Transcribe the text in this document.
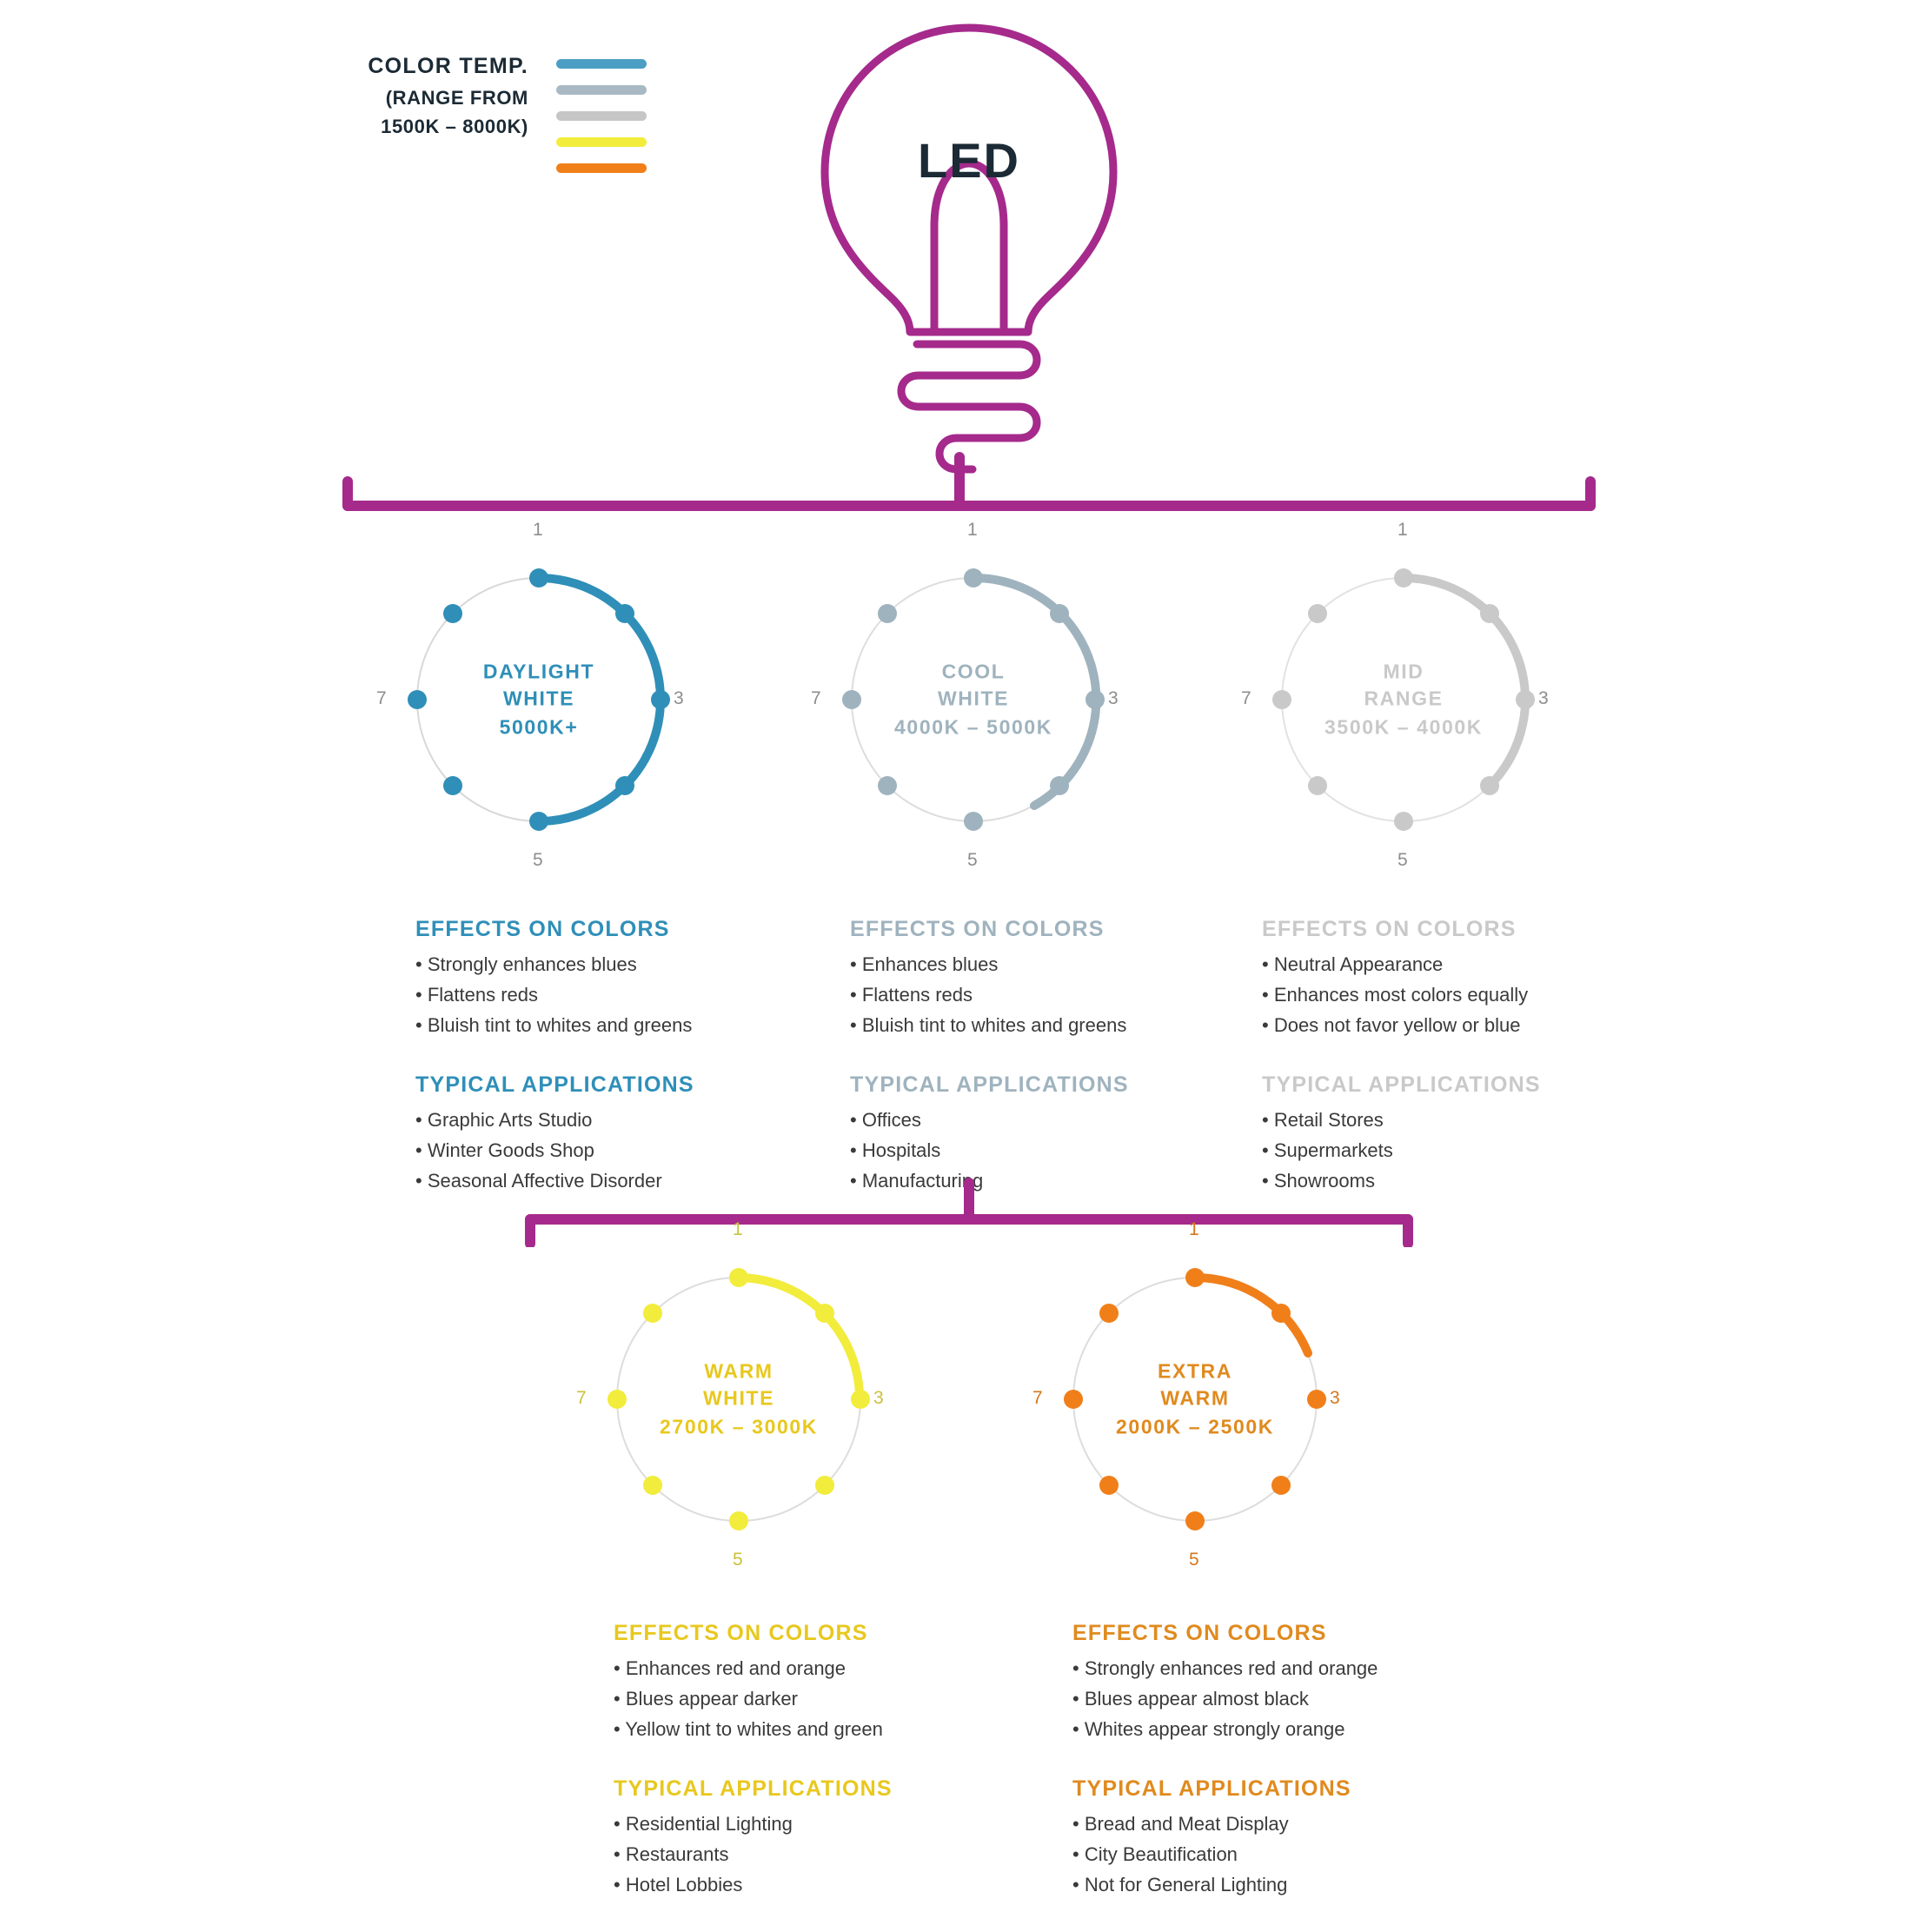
COLOR TEMP.
(RANGE FROM
1500K – 8000K)

LED
1
3
5
7
DAYLIGHT
WHITE
5000K+
1
3
5
7
COOL
WHITE
4000K – 5000K
1
3
5
7
MID
RANGE
3500K – 4000K
EFFECTS ON COLORS
• Strongly enhances blues
• Flattens reds
• Bluish tint to whites and greens
TYPICAL APPLICATIONS
• Graphic Arts Studio
• Winter Goods Shop
• Seasonal Affective Disorder
EFFECTS ON COLORS
• Enhances blues
• Flattens reds
• Bluish tint to whites and greens
TYPICAL APPLICATIONS
• Offices
• Hospitals
• Manufacturing
EFFECTS ON COLORS
• Neutral Appearance
• Enhances most colors equally
• Does not favor yellow or blue
TYPICAL APPLICATIONS
• Retail Stores
• Supermarkets
• Showrooms
1
3
5
7
WARM
WHITE
2700K – 3000K
1
3
5
7
EXTRA
WARM
2000K – 2500K
EFFECTS ON COLORS
• Enhances red and orange
• Blues appear darker
• Yellow tint to whites and green
TYPICAL APPLICATIONS
• Residential Lighting
• Restaurants
• Hotel Lobbies
EFFECTS ON COLORS
• Strongly enhances red and orange
• Blues appear almost black
• Whites appear strongly orange
TYPICAL APPLICATIONS
• Bread and Meat Display
• City Beautification
• Not for General Lighting
